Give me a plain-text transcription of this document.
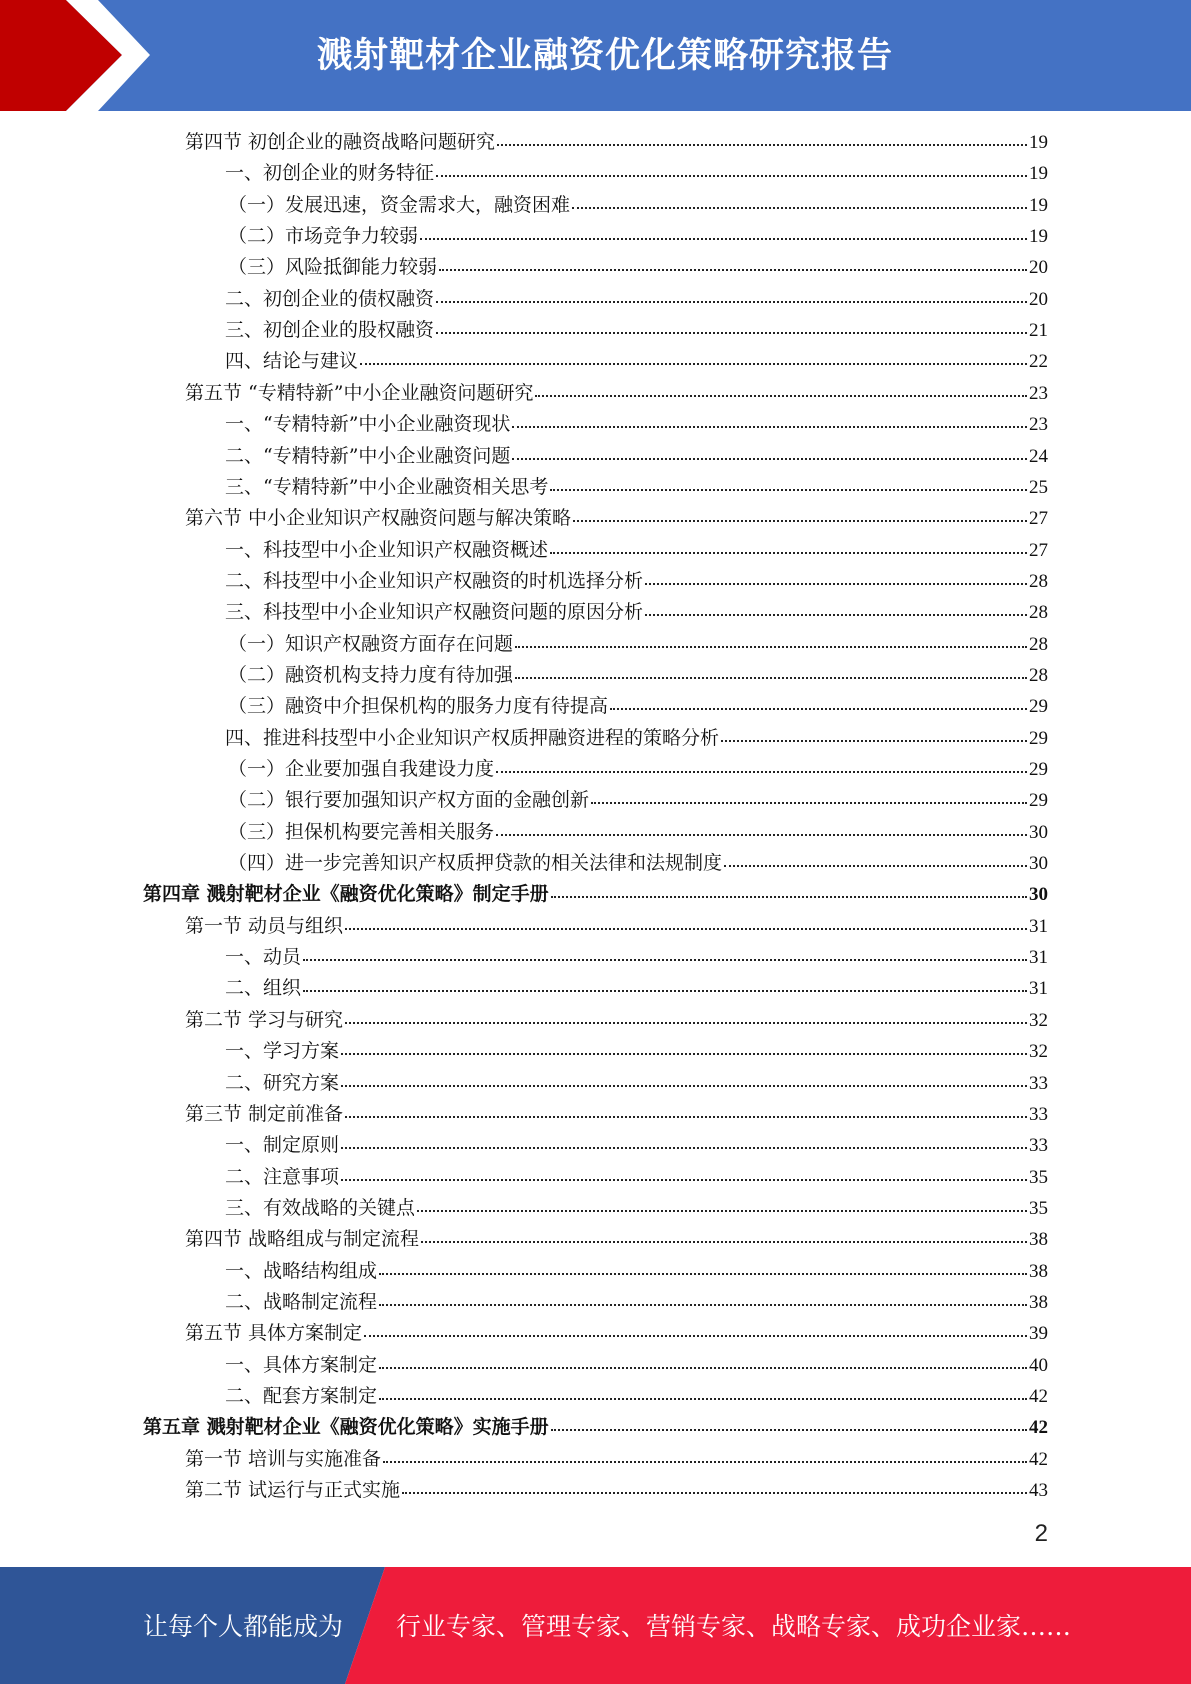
溅射靶材企业融资优化策略研究报告
第四节 初创企业的融资战略问题研究	19
一、初创企业的财务特征	19
（一）发展迅速，资金需求大，融资困难	19
（二）市场竞争力较弱	19
（三）风险抵御能力较弱	20
二、初创企业的债权融资	20
三、初创企业的股权融资	21
四、结论与建议	22
第五节 “专精特新”中小企业融资问题研究	23
一、“专精特新”中小企业融资现状	23
二、“专精特新”中小企业融资问题	24
三、“专精特新”中小企业融资相关思考	25
第六节 中小企业知识产权融资问题与解决策略	27
一、科技型中小企业知识产权融资概述	27
二、科技型中小企业知识产权融资的时机选择分析	28
三、科技型中小企业知识产权融资问题的原因分析	28
（一）知识产权融资方面存在问题	28
（二）融资机构支持力度有待加强	28
（三）融资中介担保机构的服务力度有待提高	29
四、推进科技型中小企业知识产权质押融资进程的策略分析	29
（一）企业要加强自我建设力度	29
（二）银行要加强知识产权方面的金融创新	29
（三）担保机构要完善相关服务	30
（四）进一步完善知识产权质押贷款的相关法律和法规制度	30
第四章 溅射靶材企业《融资优化策略》制定手册	30
第一节 动员与组织	31
一、动员	31
二、组织	31
第二节 学习与研究	32
一、学习方案	32
二、研究方案	33
第三节 制定前准备	33
一、制定原则	33
二、注意事项	35
三、有效战略的关键点	35
第四节 战略组成与制定流程	38
一、战略结构组成	38
二、战略制定流程	38
第五节 具体方案制定	39
一、具体方案制定	40
二、配套方案制定	42
第五章 溅射靶材企业《融资优化策略》实施手册	42
第一节 培训与实施准备	42
第二节 试运行与正式实施	43
2
让每个人都能成为 行业专家、管理专家、营销专家、战略专家、成功企业家……
